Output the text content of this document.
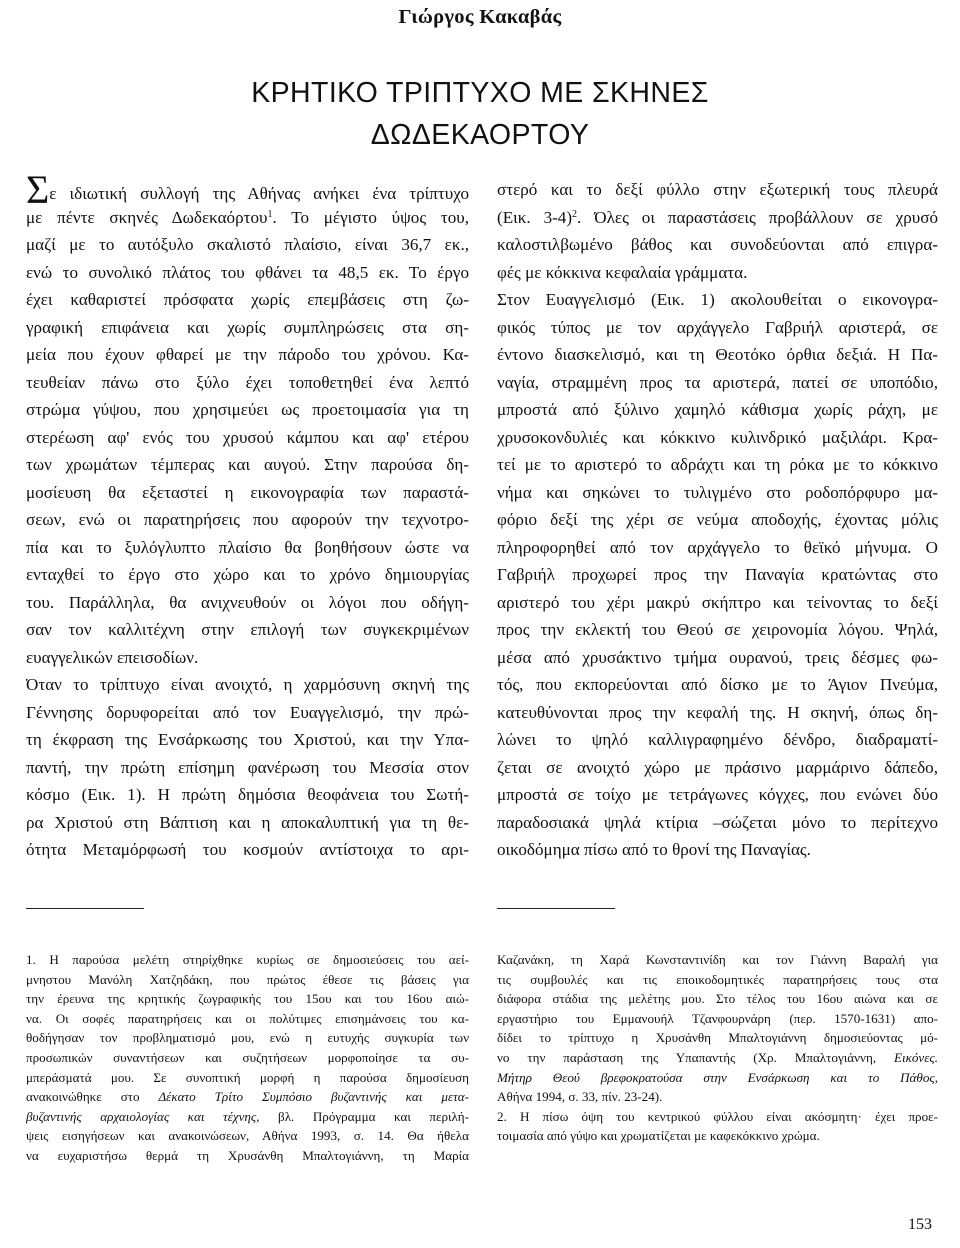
Γιώργος Κακαβάς
ΚΡΗΤΙΚΟ ΤΡΙΠΤΥΧΟ ΜΕ ΣΚΗΝΕΣ
ΔΩΔΕΚΑΟΡΤΟΥ
Σε ιδιωτική συλλογή της Αθήνας ανήκει ένα τρίπτυχο
με πέντε σκηνές Δωδεκαόρτου$^1$. Το μέγιστο ύψος του,
μαζί με το αυτόξυλο σκαλιστό πλαίσιο, είναι 36,7 εκ.,
ενώ το συνολικό πλάτος του φθάνει τα 48,5 εκ. Το έργο
έχει καθαριστεί πρόσφατα χωρίς επεμβάσεις στη ζω-
γραφική επιφάνεια και χωρίς συμπληρώσεις στα ση-
μεία που έχουν φθαρεί με την πάροδο του χρόνου. Κα-
τευθείαν πάνω στο ξύλο έχει τοποθετηθεί ένα λεπτό
στρώμα γύψου, που χρησιμεύει ως προετοιμασία για τη
στερέωση αφ' ενός του χρυσού κάμπου και αφ' ετέρου
των χρωμάτων τέμπερας και αυγού. Στην παρούσα δη-
μοσίευση θα εξεταστεί η εικονογραφία των παραστά-
σεων, ενώ οι παρατηρήσεις που αφορούν την τεχνοτρο-
πία και το ξυλόγλυπτο πλαίσιο θα βοηθήσουν ώστε να
ενταχθεί το έργο στο χώρο και το χρόνο δημιουργίας
του. Παράλληλα, θα ανιχνευθούν οι λόγοι που οδήγη-
σαν τον καλλιτέχνη στην επιλογή των συγκεκριμένων
ευαγγελικών επεισοδίων.
Όταν το τρίπτυχο είναι ανοιχτό, η χαρμόσυνη σκηνή της
Γέννησης δορυφορείται από τον Ευαγγελισμό, την πρώ-
τη έκφραση της Ενσάρκωσης του Χριστού, και την Υπα-
παντή, την πρώτη επίσημη φανέρωση του Μεσσία στον
κόσμο (Εικ. 1). Η πρώτη δημόσια θεοφάνεια του Σωτή-
ρα Χριστού στη Βάπτιση και η αποκαλυπτική για τη θε-
ότητα Μεταμόρφωσή του κοσμούν αντίστοιχα το αρι-
στερό και το δεξί φύλλο στην εξωτερική τους πλευρά
(Εικ. 3-4)$^2$. Όλες οι παραστάσεις προβάλλουν σε χρυσό
καλοστιλβωμένο βάθος και συνοδεύονται από επιγρα-
φές με κόκκινα κεφαλαία γράμματα.
Στον Ευαγγελισμό (Εικ. 1) ακολουθείται ο εικονογρα-
φικός τύπος με τον αρχάγγελο Γαβριήλ αριστερά, σε
έντονο διασκελισμό, και τη Θεοτόκο όρθια δεξιά. Η Πα-
ναγία, στραμμένη προς τα αριστερά, πατεί σε υποπόδιο,
μπροστά από ξύλινο χαμηλό κάθισμα χωρίς ράχη, με
χρυσοκονδυλιές και κόκκινο κυλινδρικό μαξιλάρι. Κρα-
τεί με το αριστερό το αδράχτι και τη ρόκα με το κόκκινο
νήμα και σηκώνει το τυλιγμένο στο ροδοπόρφυρο μα-
φόριο δεξί της χέρι σε νεύμα αποδοχής, έχοντας μόλις
πληροφορηθεί από τον αρχάγγελο το θεϊκό μήνυμα. Ο
Γαβριήλ προχωρεί προς την Παναγία κρατώντας στο
αριστερό του χέρι μακρύ σκήπτρο και τείνοντας το δεξί
προς την εκλεκτή του Θεού σε χειρονομία λόγου. Ψηλά,
μέσα από χρυσάκτινο τμήμα ουρανού, τρεις δέσμες φω-
τός, που εκπορεύονται από δίσκο με το Άγιον Πνεύμα,
κατευθύνονται προς την κεφαλή της. Η σκηνή, όπως δη-
λώνει το ψηλό καλλιγραφημένο δένδρο, διαδραματί-
ζεται σε ανοιχτό χώρο με πράσινο μαρμάρινο δάπεδο,
μπροστά σε τοίχο με τετράγωνες κόγχες, που ενώνει δύο
παραδοσιακά ψηλά κτίρια –σώζεται μόνο το περίτεχνο
οικοδόμημα πίσω από το θρονί της Παναγίας.
1. Η παρούσα μελέτη στηρίχθηκε κυρίως σε δημοσιεύσεις του αεί-
μνηστου Μανόλη Χατζηδάκη, που πρώτος έθεσε τις βάσεις για
την έρευνα της κρητικής ζωγραφικής του 15ου και του 16ου αιώ-
να. Οι σοφές παρατηρήσεις και οι πολύτιμες επισημάνσεις του κα-
θοδήγησαν τον προβληματισμό μου, ενώ η ευτυχής συγκυρία των
προσωπικών συναντήσεων και συζητήσεων μορφοποίησε τα συ-
μπεράσματά μου. Σε συνοπτική μορφή η παρούσα δημοσίευση
ανακοινώθηκε στο Δέκατο Τρίτο Συμπόσιο βυζαντινής και μετα-
βυζαντινής αρχαιολογίας και τέχνης, βλ. Πρόγραμμα και περιλή-
ψεις εισηγήσεων και ανακοινώσεων, Αθήνα 1993, σ. 14. Θα ήθελα
να ευχαριστήσω θερμά τη Χρυσάνθη Μπαλτογιάννη, τη Μαρία
Καζανάκη, τη Χαρά Κωνσταντινίδη και τον Γιάννη Βαραλή για
τις συμβουλές και τις εποικοδομητικές παρατηρήσεις τους στα
διάφορα στάδια της μελέτης μου. Στο τέλος του 16ου αιώνα και σε
εργαστήριο του Εμμανουήλ Τζανφουρνάρη (περ. 1570-1631) απο-
δίδει το τρίπτυχο η Χρυσάνθη Μπαλτογιάννη δημοσιεύοντας μό-
νο την παράσταση της Υπαπαντής (Χρ. Μπαλτογιάννη, Εικόνες.
Μήτηρ Θεού βρεφοκρατούσα στην Ενσάρκωση και το Πάθος,
Αθήνα 1994, σ. 33, πίν. 23-24).
2. Η πίσω όψη του κεντρικού φύλλου είναι ακόσμητη· έχει προε-
τοιμασία από γύψο και χρωματίζεται με καφεκόκκινο χρώμα.
153
